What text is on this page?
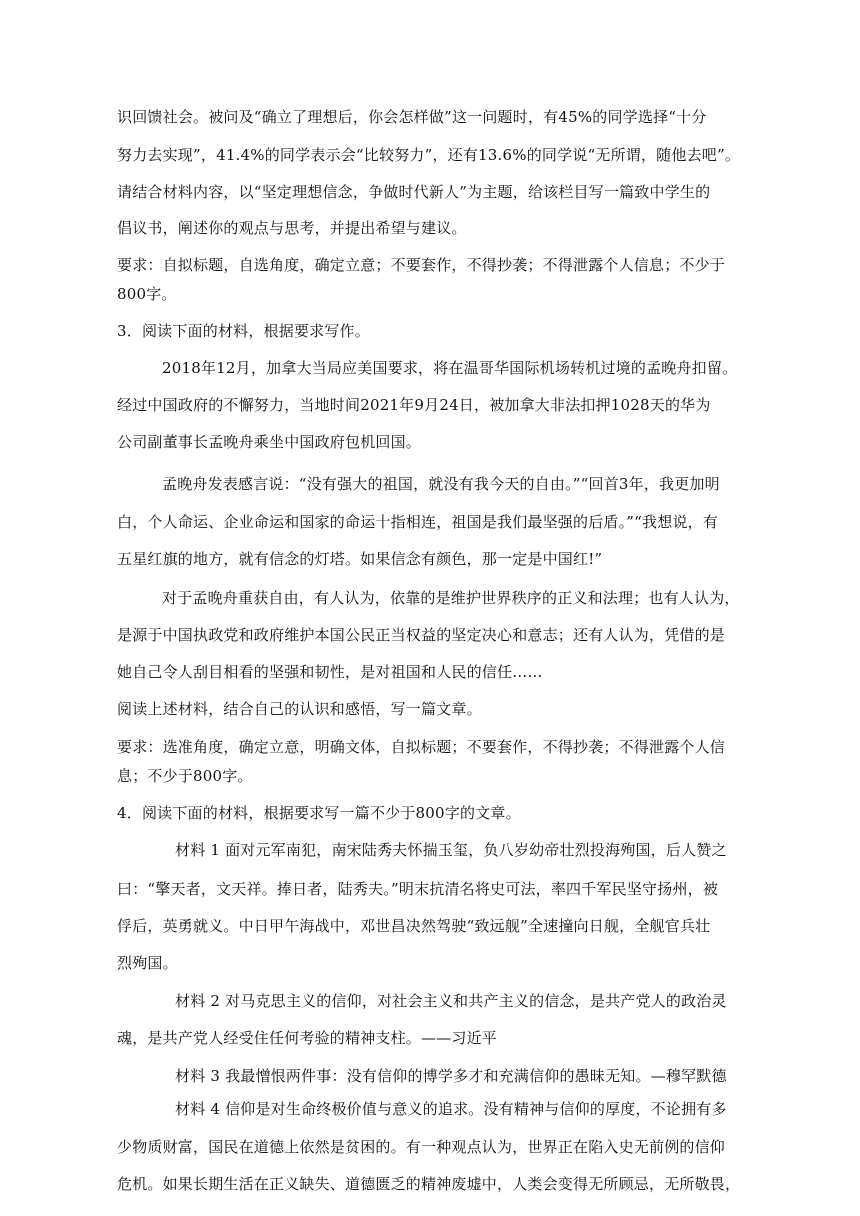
识回馈社会。被问及“确立了理想后，你会怎样做”这一问题时，有45%的同学选择“十分
努力去实现”，41.4%的同学表示会“比较努力”，还有13.6%的同学说“无所谓，随他去吧”。
请结合材料内容，以“坚定理想信念，争做时代新人”为主题，给该栏目写一篇致中学生的
倡议书，阐述你的观点与思考，并提出希望与建议。
要求：自拟标题，自选角度，确定立意；不要套作，不得抄袭；不得泄露个人信息；不少于
800字。
3．阅读下面的材料，根据要求写作。
2018年12月，加拿大当局应美国要求，将在温哥华国际机场转机过境的孟晚舟扣留。
经过中国政府的不懈努力，当地时间2021年9月24日，被加拿大非法扣押1028天的华为
公司副董事长孟晚舟乘坐中国政府包机回国。
孟晚舟发表感言说：“没有强大的祖国，就没有我今天的自由。”“回首3年，我更加明
白，个人命运、企业命运和国家的命运十指相连，祖国是我们最坚强的后盾。”“我想说，有
五星红旗的地方，就有信念的灯塔。如果信念有颜色，那一定是中国红!”
对于孟晚舟重获自由，有人认为，依靠的是维护世界秩序的正义和法理；也有人认为，
是源于中国执政党和政府维护本国公民正当权益的坚定决心和意志；还有人认为，凭借的是
她自己令人刮目相看的坚强和韧性，是对祖国和人民的信任……
阅读上述材料，结合自己的认识和感悟，写一篇文章。
要求：选准角度，确定立意，明确文体，自拟标题；不要套作，不得抄袭；不得泄露个人信
息；不少于800字。
4．阅读下面的材料，根据要求写一篇不少于800字的文章。
材料 1 面对元军南犯，南宋陆秀夫怀揣玉玺，负八岁幼帝壮烈投海殉国，后人赞之
曰：“擎天者，文天祥。捧日者，陆秀夫。”明末抗清名将史可法，率四千军民坚守扬州，被
俘后，英勇就义。中日甲午海战中，邓世昌决然驾驶“致远舰”全速撞向日舰，全舰官兵壮
烈殉国。
材料 2 对马克思主义的信仰，对社会主义和共产主义的信念，是共产党人的政治灵
魂，是共产党人经受住任何考验的精神支柱。——习近平
材料 3 我最憎恨两件事：没有信仰的博学多才和充满信仰的愚昧无知。—穆罕默德
材料 4 信仰是对生命终极价值与意义的追求。没有精神与信仰的厚度，不论拥有多
少物质财富，国民在道德上依然是贫困的。有一种观点认为，世界正在陷入史无前例的信仰
危机。如果长期生活在正义缺失、道德匮乏的精神废墟中，人类会变得无所顾忌，无所敬畏，
